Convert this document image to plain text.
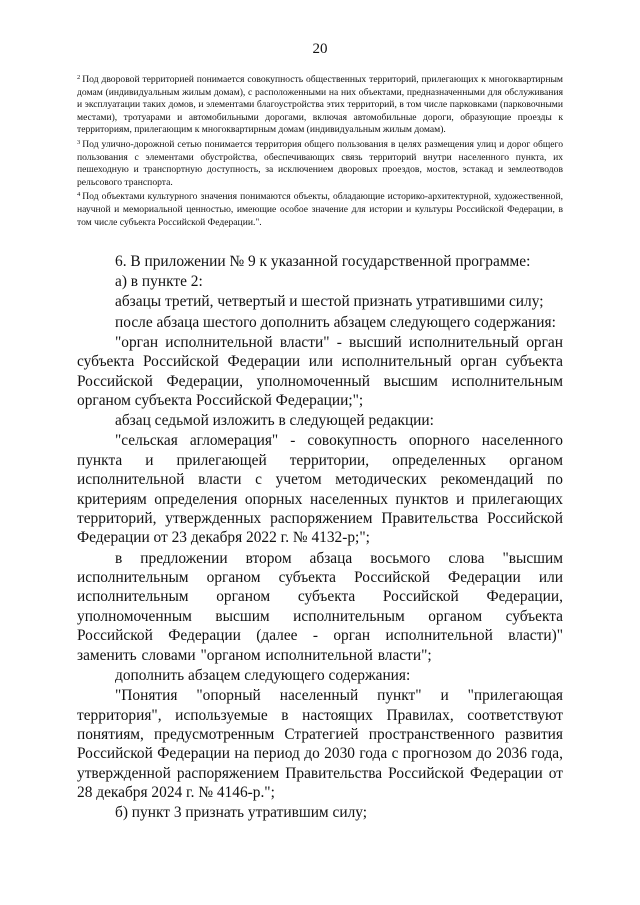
20

$^2$ Под дворовой территорией понимается совокупность общественных территорий, прилегающих к многоквартирным домам (индивидуальным жилым домам), с расположенными на них объектами, предназначенными для обслуживания и эксплуатации таких домов, и элементами благоустройства этих территорий, в том числе парковками (парковочными местами), тротуарами и автомобильными дорогами, включая автомобильные дороги, образующие проезды к территориям, прилегающим к многоквартирным домам (индивидуальным жилым домам).

$^3$ Под улично-дорожной сетью понимается территория общего пользования в целях размещения улиц и дорог общего пользования с элементами обустройства, обеспечивающих связь территорий внутри населенного пункта, их пешеходную и транспортную доступность, за исключением дворовых проездов, мостов, эстакад и землеотводов рельсового транспорта.

$^4$ Под объектами культурного значения понимаются объекты, обладающие историко-архитектурной, художественной, научной и мемориальной ценностью, имеющие особое значение для истории и культуры Российской Федерации, в том числе субъекта Российской Федерации.".

6. В приложении № 9 к указанной государственной программе:

а) в пункте 2:

абзацы третий, четвертый и шестой признать утратившими силу;

после абзаца шестого дополнить абзацем следующего содержания:

"орган исполнительной власти" - высший исполнительный орган субъекта Российской Федерации или исполнительный орган субъекта Российской Федерации, уполномоченный высшим исполнительным органом субъекта Российской Федерации;";

абзац седьмой изложить в следующей редакции:

"сельская агломерация" - совокупность опорного населенного пункта и прилегающей территории, определенных органом исполнительной власти с учетом методических рекомендаций по критериям определения опорных населенных пунктов и прилегающих территорий, утвержденных распоряжением Правительства Российской Федерации от 23 декабря 2022 г. № 4132-р;";

в предложении втором абзаца восьмого слова "высшим исполнительным органом субъекта Российской Федерации или исполнительным органом субъекта Российской Федерации, уполномоченным высшим исполнительным органом субъекта Российской Федерации (далее - орган исполнительной власти)" заменить словами "органом исполнительной власти";

дополнить абзацем следующего содержания:

"Понятия "опорный населенный пункт" и "прилегающая территория", используемые в настоящих Правилах, соответствуют понятиям, предусмотренным Стратегией пространственного развития Российской Федерации на период до 2030 года с прогнозом до 2036 года, утвержденной распоряжением Правительства Российской Федерации от 28 декабря 2024 г. № 4146-р.";

б) пункт 3 признать утратившим силу;
